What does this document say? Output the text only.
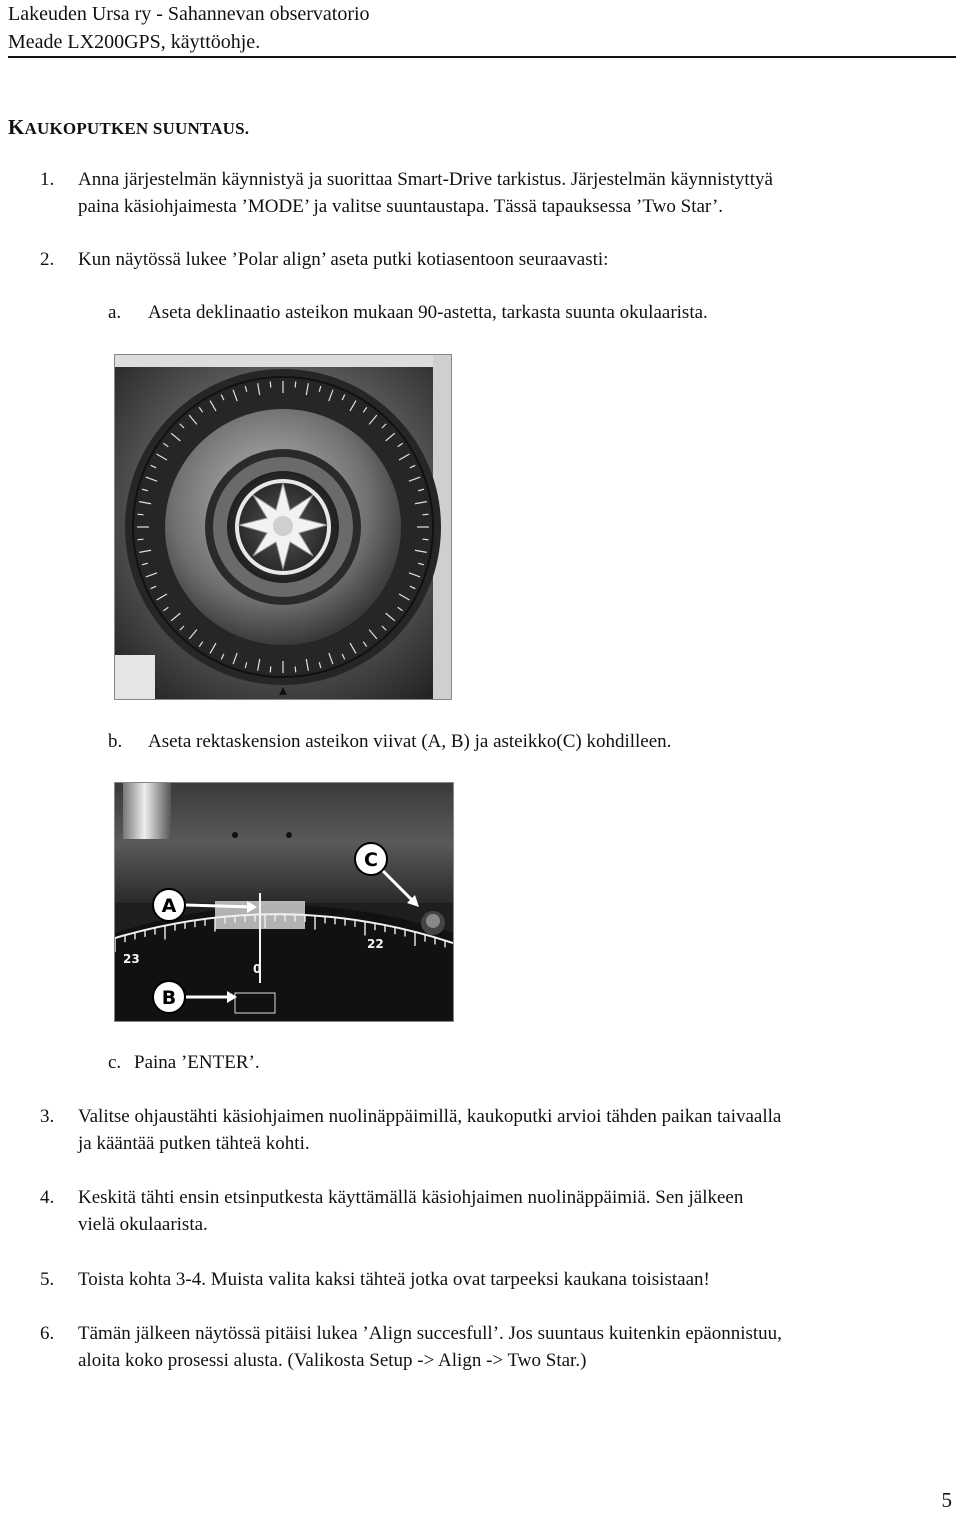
Lakeuden Ursa ry - Sahannevan observatorio
Meade LX200GPS, käyttöohje.
KAUKOPUTKEN SUUNTAUS.
1. Anna järjestelmän käynnistyä ja suorittaa Smart-Drive tarkistus. Järjestelmän käynnistyttyä
paina käsiohjaimesta ’MODE’ ja valitse suuntaustapa. Tässä tapauksessa ’Two Star’.
2. Kun näytössä lukee ’Polar align’ aseta putki kotiasentoon seuraavasti:
a. Aseta deklinaatio asteikon mukaan 90-astetta, tarkasta suunta okulaarista.
b. Aseta rektaskension asteikon viivat (A, B) ja asteikko(C) kohdilleen.
0
23
22
A
B
C
c. Paina ’ENTER’.
3. Valitse ohjaustähti käsiohjaimen nuolinäppäimillä, kaukoputki arvioi tähden paikan taivaalla
ja kääntää putken tähteä kohti.
4. Keskitä tähti ensin etsinputkesta käyttämällä käsiohjaimen nuolinäppäimiä. Sen jälkeen
vielä okulaarista.
5. Toista kohta 3-4. Muista valita kaksi tähteä jotka ovat tarpeeksi kaukana toisistaan!
6. Tämän jälkeen näytössä pitäisi lukea ’Align succesfull’. Jos suuntaus kuitenkin epäonnistuu,
aloita koko prosessi alusta. (Valikosta Setup -> Align -> Two Star.)
5
